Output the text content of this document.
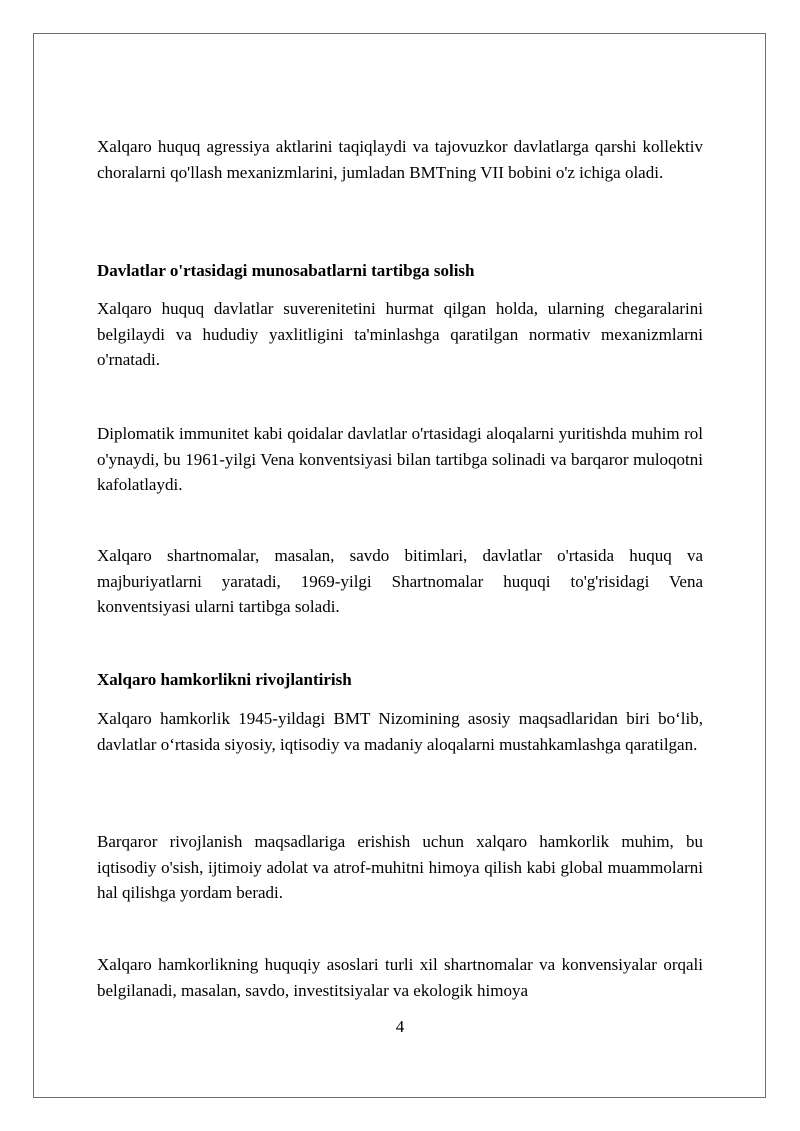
Xalqaro huquq agressiya aktlarini taqiqlaydi va tajovuzkor davlatlarga qarshi kollektiv choralarni qo'llash mexanizmlarini, jumladan BMTning VII bobini o'z ichiga oladi.

Davlatlar o'rtasidagi munosabatlarni tartibga solish

Xalqaro huquq davlatlar suverenitetini hurmat qilgan holda, ularning chegaralarini belgilaydi va hududiy yaxlitligini ta'minlashga qaratilgan normativ mexanizmlarni o'rnatadi.

Diplomatik immunitet kabi qoidalar davlatlar o'rtasidagi aloqalarni yuritishda muhim rol o'ynaydi, bu 1961-yilgi Vena konventsiyasi bilan tartibga solinadi va barqaror muloqotni kafolatlaydi.

Xalqaro shartnomalar, masalan, savdo bitimlari, davlatlar o'rtasida huquq va majburiyatlarni yaratadi, 1969-yilgi Shartnomalar huquqi to'g'risidagi Vena konventsiyasi ularni tartibga soladi.

Xalqaro hamkorlikni rivojlantirish

Xalqaro hamkorlik 1945-yildagi BMT Nizomining asosiy maqsadlaridan biri bo‘lib, davlatlar o‘rtasida siyosiy, iqtisodiy va madaniy aloqalarni mustahkamlashga qaratilgan.

Barqaror rivojlanish maqsadlariga erishish uchun xalqaro hamkorlik muhim, bu iqtisodiy o'sish, ijtimoiy adolat va atrof-muhitni himoya qilish kabi global muammolarni hal qilishga yordam beradi.

Xalqaro hamkorlikning huquqiy asoslari turli xil shartnomalar va konvensiyalar orqali belgilanadi, masalan, savdo, investitsiyalar va ekologik himoya

4
